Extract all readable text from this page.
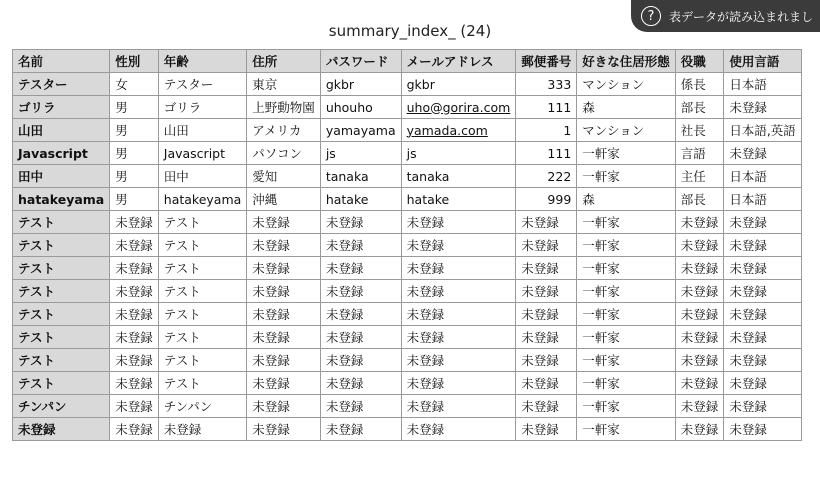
summary_index_ (24)
?	表データが読み込まれまし
名前	性別	年齢	住所	パスワード	メールアドレス	郵便番号	好きな住居形態	役職	使用言語
テスター	女	テスター	東京	gkbr	gkbr	333	マンション	係長	日本語
ゴリラ	男	ゴリラ	上野動物園	uhouho	uho@gorira.com	111	森	部長	未登録
山田	男	山田	アメリカ	yamayama	yamada.com	1	マンション	社長	日本語,英語
Javascript	男	Javascript	パソコン	js	js	111	一軒家	言語	未登録
田中	男	田中	愛知	tanaka	tanaka	222	一軒家	主任	日本語
hatakeyama	男	hatakeyama	沖縄	hatake	hatake	999	森	部長	日本語
テスト	未登録	テスト	未登録	未登録	未登録	未登録	一軒家	未登録	未登録
テスト	未登録	テスト	未登録	未登録	未登録	未登録	一軒家	未登録	未登録
テスト	未登録	テスト	未登録	未登録	未登録	未登録	一軒家	未登録	未登録
テスト	未登録	テスト	未登録	未登録	未登録	未登録	一軒家	未登録	未登録
テスト	未登録	テスト	未登録	未登録	未登録	未登録	一軒家	未登録	未登録
テスト	未登録	テスト	未登録	未登録	未登録	未登録	一軒家	未登録	未登録
テスト	未登録	テスト	未登録	未登録	未登録	未登録	一軒家	未登録	未登録
テスト	未登録	テスト	未登録	未登録	未登録	未登録	一軒家	未登録	未登録
チンパン	未登録	チンパン	未登録	未登録	未登録	未登録	一軒家	未登録	未登録
未登録	未登録	未登録	未登録	未登録	未登録	未登録	一軒家	未登録	未登録
